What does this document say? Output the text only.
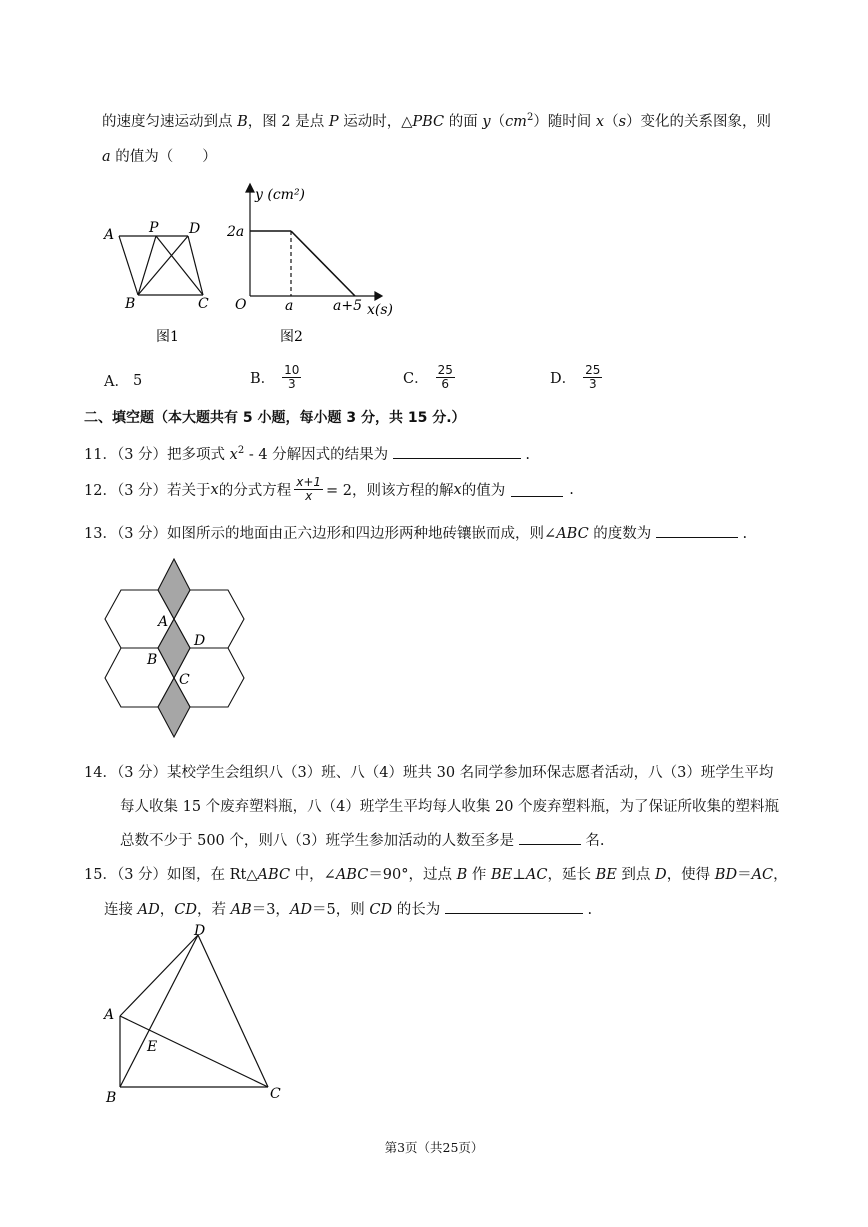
的速度匀速运动到点 B，图 2 是点 P 运动时，△PBC 的面 $y(cm^2)$随时间 x（s）变化的关系图象，则
a 的值为（　　）
A P D
B	C
图1
y (cm²)
2a
O	a	a+5 x(s)
图2
A． 5	B． $\frac{10}{3}$	C． $\frac{25}{6}$	D． $\frac{25}{3}$
二、填空题（本大题共有 5 小题，每小题 3 分，共 15 分.）
11．（3 分）把多项式 $x^2 - 4$ 分解因式的结果为	.
12．（3 分）若关于 x 的分式方程 $\frac{x+1}{x} = 2$，则该方程的解 x 的值为	.
13．（3 分）如图所示的地面由正六边形和四边形两种地砖镶嵌而成，则∠ABC 的度数为	.
A
D
B
C
14．（3 分）某校学生会组织八（3）班、八（4）班共 30 名同学参加环保志愿者活动，八（3）班学生平均
每人收集 15 个废弃塑料瓶，八（4）班学生平均每人收集 20 个废弃塑料瓶，为了保证所收集的塑料瓶
总数不少于 500 个，则八（3）班学生参加活动的人数至多是	名.
15．（3 分）如图，在 Rt△ABC 中，∠ABC＝90°，过点 B 作 BE⊥AC，延长 BE 到点 D，使得 BD＝AC，
连接 AD，CD，若 AB＝3，AD＝5，则 CD 的长为	.
D
A
E
B	C
第3页（共25页）
